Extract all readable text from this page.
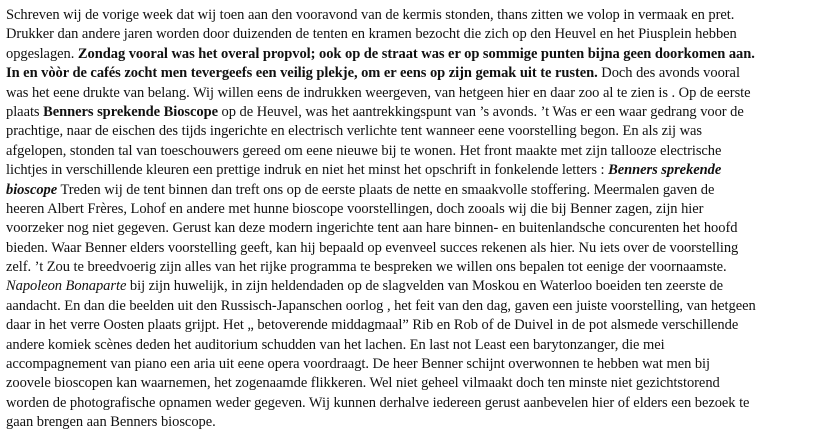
Schreven wij de vorige week dat wij toen aan den vooravond van de kermis stonden, thans zitten we volop in vermaak en pret.
Drukker dan andere jaren worden door duizenden de tenten en kramen bezocht die zich op den Heuvel en het Piusplein hebben
opgeslagen. Zondag vooral was het overal propvol; ook op de straat was er op sommige punten bijna geen doorkomen aan.
In en vòòr de cafés zocht men tevergeefs een veilig plekje, om er eens op zijn gemak uit te rusten. Doch des avonds vooral
was het eene drukte van belang. Wij willen eens de indrukken weergeven, van hetgeen hier en daar zoo al te zien is . Op de eerste
plaats Benners sprekende Bioscope op de Heuvel, was het aantrekkingspunt van ’s avonds. ’t Was er een waar gedrang voor de
prachtige, naar de eischen des tijds ingerichte en electrisch verlichte tent wanneer eene voorstelling begon. En als zij was
afgelopen, stonden tal van toeschouwers gereed om eene nieuwe bij te wonen. Het front maakte met zijn tallooze electrische
lichtjes in verschillende kleuren een prettige indruk en niet het minst het opschrift in fonkelende letters : Benners sprekende
bioscope Treden wij de tent binnen dan treft ons op de eerste plaats de nette en smaakvolle stoffering. Meermalen gaven de
heeren Albert Frères, Lohof en andere met hunne bioscope voorstellingen, doch zooals wij die bij Benner zagen, zijn hier
voorzeker nog niet gegeven. Gerust kan deze modern ingerichte tent aan hare binnen- en buitenlandsche concurenten het hoofd
bieden. Waar Benner elders voorstelling geeft, kan hij bepaald op evenveel succes rekenen als hier. Nu iets over de voorstelling
zelf. ’t Zou te breedvoerig zijn alles van het rijke programma te bespreken we willen ons bepalen tot eenige der voornaamste.
Napoleon Bonaparte bij zijn huwelijk, in zijn heldendaden op de slagvelden van Moskou en Waterloo boeiden ten zeerste de
aandacht. En dan die beelden uit den Russisch-Japanschen oorlog , het feit van den dag, gaven een juiste voorstelling, van hetgeen
daar in het verre Oosten plaats grijpt. Het „ betoverende middagmaal” Rib en Rob of de Duivel in de pot alsmede verschillende
andere komiek scènes deden het auditorium schudden van het lachen. En last not Least een barytonzanger, die mei
accompagnement van piano een aria uit eene opera voordraagt. De heer Benner schijnt overwonnen te hebben wat men bij
zoovele bioscopen kan waarnemen, het zogenaamde flikkeren. Wel niet geheel vilmaakt doch ten minste niet gezichtstorend
worden de photografische opnamen weder gegeven. Wij kunnen derhalve iedereen gerust aanbevelen hier of elders een bezoek te
gaan brengen aan Benners bioscope.
